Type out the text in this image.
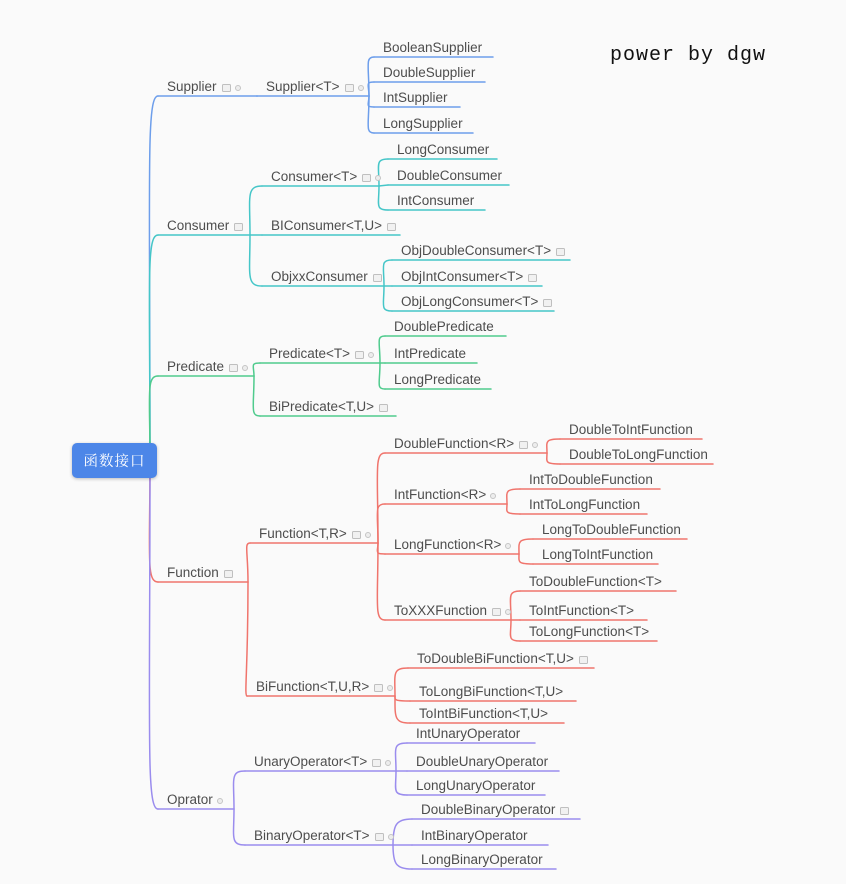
函数接口
power by dgw
Supplier	Supplier<T>
BooleanSupplier
DoubleSupplier
IntSupplier
LongSupplier
Consumer
Consumer<T>
LongConsumer
DoubleConsumer
IntConsumer
BIConsumer<T,U>
ObjxxConsumer
ObjDoubleConsumer<T>
ObjIntConsumer<T>
ObjLongConsumer<T>
Predicate
Predicate<T>
DoublePredicate
IntPredicate
LongPredicate
BiPredicate<T,U>
Function
Function<T,R>
DoubleFunction<R>
DoubleToIntFunction
DoubleToLongFunction
IntFunction<R>
IntToDoubleFunction
IntToLongFunction
LongFunction<R>
LongToDoubleFunction
LongToIntFunction
ToXXXFunction
ToDoubleFunction<T>
ToIntFunction<T>
ToLongFunction<T>
BiFunction<T,U,R>
ToDoubleBiFunction<T,U>
ToLongBiFunction<T,U>
ToIntBiFunction<T,U>
Oprator
UnaryOperator<T>
IntUnaryOperator
DoubleUnaryOperator
LongUnaryOperator
BinaryOperator<T>
DoubleBinaryOperator
IntBinaryOperator
LongBinaryOperator
